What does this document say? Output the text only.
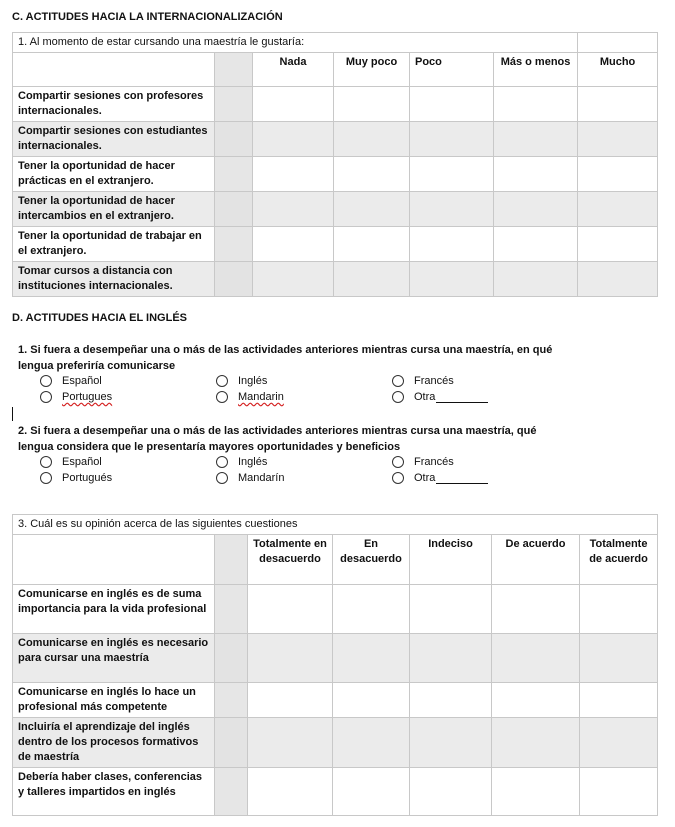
C. ACTITUDES HACIA LA INTERNACIONALIZACIÓN
1. Al momento de estar cursando una maestría le gustaría:						
		Nada	Muy poco	Poco	Más o menos	Mucho
Compartir sesiones con profesores internacionales.						
Compartir sesiones con estudiantes internacionales.						
Tener la oportunidad de hacer prácticas en el extranjero.						
Tener la oportunidad de hacer intercambios en el extranjero.						
Tener la oportunidad de trabajar en el extranjero.						
Tomar cursos a distancia con instituciones internacionales.						
D. ACTITUDES HACIA EL INGLÉS
1. Si fuera a desempeñar una o más de las actividades anteriores mientras cursa una maestría, en qué lengua preferiría comunicarse
Español	Inglés	Francés
Portugues	Mandarin	Otra
2. Si fuera a desempeñar una o más de las actividades anteriores mientras cursa una maestría, qué lengua considera que le presentaría mayores oportunidades y beneficios
Español	Inglés	Francés
Portugués	Mandarín	Otra
3. Cuál es su opinión acerca de las siguientes cuestiones						
		Totalmente en desacuerdo	En desacuerdo	Indeciso	De acuerdo	Totalmente de acuerdo
Comunicarse en inglés es de suma importancia para la vida profesional						
Comunicarse en inglés es necesario para cursar una maestría						
Comunicarse en inglés lo hace un profesional más competente						
Incluiría el aprendizaje del inglés dentro de los procesos formativos de maestría						
Debería haber clases, conferencias y talleres impartidos en inglés						
